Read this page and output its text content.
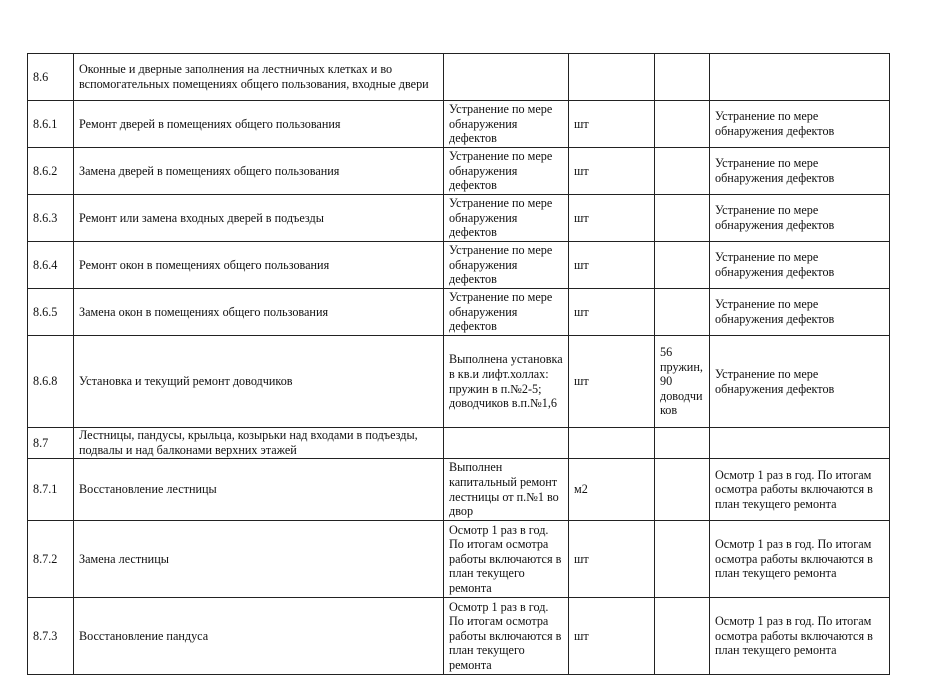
8.6	Оконные и дверные заполнения на лестничных клетках и во вспомогательных помещениях общего пользования, входные двери				
8.6.1	Ремонт дверей в помещениях общего пользования	Устранение по мере обнаружения дефектов	шт		Устранение по мере обнаружения дефектов
8.6.2	Замена дверей в помещениях общего пользования	Устранение по мере обнаружения дефектов	шт		Устранение по мере обнаружения дефектов
8.6.3	Ремонт или замена входных дверей в подъезды	Устранение по мере обнаружения дефектов	шт		Устранение по мере обнаружения дефектов
8.6.4	Ремонт окон в помещениях общего пользования	Устранение по мере обнаружения дефектов	шт		Устранение по мере обнаружения дефектов
8.6.5	Замена окон в помещениях общего пользования	Устранение по мере обнаружения дефектов	шт		Устранение по мере обнаружения дефектов
8.6.8	Установка и текущий ремонт доводчиков	Выполнена установка в кв.и лифт.холлах: пружин в п.№2-5; доводчиков в.п.№1,6	шт	56 пружин, 90 доводчиков	Устранение по мере обнаружения дефектов
8.7	Лестницы, пандусы, крыльца, козырьки над входами в подъезды, подвалы и над балконами верхних этажей				
8.7.1	Восстановление лестницы	Выполнен капитальный ремонт лестницы от п.№1 во двор	м2		Осмотр 1 раз в год. По итогам осмотра работы включаются в план текущего ремонта
8.7.2	Замена лестницы	Осмотр 1 раз в год. По итогам осмотра работы включаются в план текущего ремонта	шт		Осмотр 1 раз в год. По итогам осмотра работы включаются в план текущего ремонта
8.7.3	Восстановление пандуса	Осмотр 1 раз в год. По итогам осмотра работы включаются в план текущего ремонта	шт		Осмотр 1 раз в год. По итогам осмотра работы включаются в план текущего ремонта
